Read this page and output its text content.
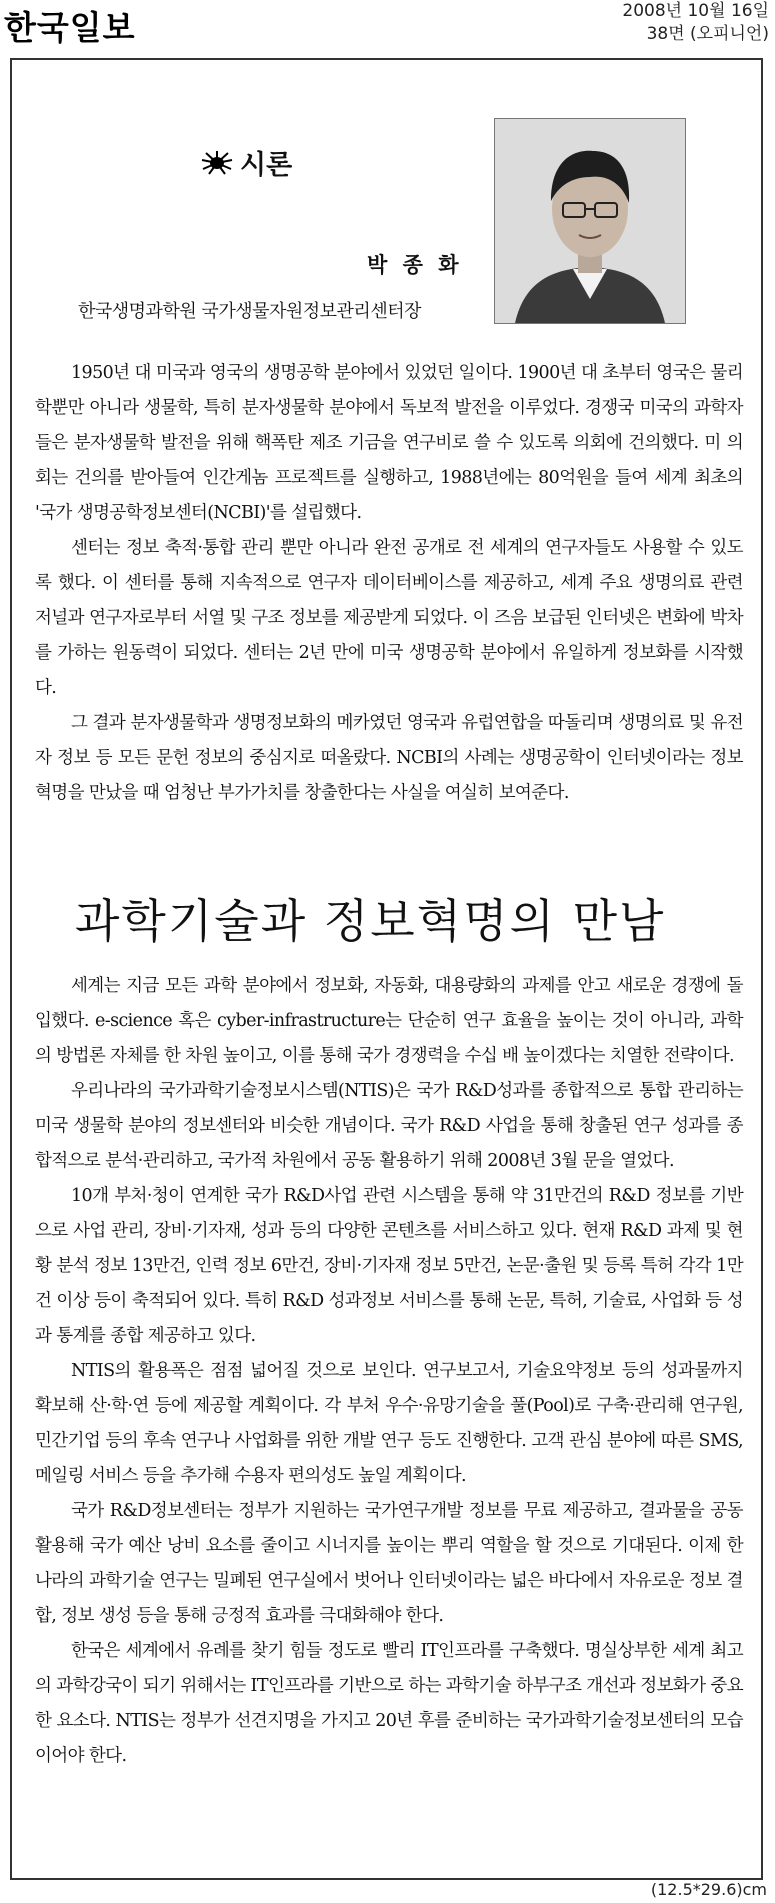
한국일보	2008년 10월 16일
38면 (오피니언)
시론
박 종 화
한국생명과학원 국가생물자원정보관리센터장

1950년 대 미국과 영국의 생명공학 분야에서 있었던 일이다. 1900년 대 초부터 영국은 물리학뿐만 아니라 생물학, 특히 분자생물학 분야에서 독보적 발전을 이루었다. 경쟁국 미국의 과학자들은 분자생물학 발전을 위해 핵폭탄 제조 기금을 연구비로 쓸 수 있도록 의회에 건의했다. 미 의회는 건의를 받아들여 인간게놈 프로젝트를 실행하고, 1988년에는 80억원을 들여 세계 최초의 '국가 생명공학정보센터(NCBI)'를 설립했다.

센터는 정보 축적·통합 관리 뿐만 아니라 완전 공개로 전 세계의 연구자들도 사용할 수 있도록 했다. 이 센터를 통해 지속적으로 연구자 데이터베이스를 제공하고, 세계 주요 생명의료 관련 저널과 연구자로부터 서열 및 구조 정보를 제공받게 되었다. 이 즈음 보급된 인터넷은 변화에 박차를 가하는 원동력이 되었다. 센터는 2년 만에 미국 생명공학 분야에서 유일하게 정보화를 시작했다.

그 결과 분자생물학과 생명정보화의 메카였던 영국과 유럽연합을 따돌리며 생명의료 및 유전자 정보 등 모든 문헌 정보의 중심지로 떠올랐다. NCBI의 사례는 생명공학이 인터넷이라는 정보혁명을 만났을 때 엄청난 부가가치를 창출한다는 사실을 여실히 보여준다.

과학기술과 정보혁명의 만남

세계는 지금 모든 과학 분야에서 정보화, 자동화, 대용량화의 과제를 안고 새로운 경쟁에 돌입했다. e-science 혹은 cyber-infrastructure는 단순히 연구 효율을 높이는 것이 아니라, 과학의 방법론 자체를 한 차원 높이고, 이를 통해 국가 경쟁력을 수십 배 높이겠다는 치열한 전략이다.

우리나라의 국가과학기술정보시스템(NTIS)은 국가 R&D성과를 종합적으로 통합 관리하는 미국 생물학 분야의 정보센터와 비슷한 개념이다. 국가 R&D 사업을 통해 창출된 연구 성과를 종합적으로 분석·관리하고, 국가적 차원에서 공동 활용하기 위해 2008년 3월 문을 열었다.

10개 부처·청이 연계한 국가 R&D사업 관련 시스템을 통해 약 31만건의 R&D 정보를 기반으로 사업 관리, 장비·기자재, 성과 등의 다양한 콘텐츠를 서비스하고 있다. 현재 R&D 과제 및 현황 분석 정보 13만건, 인력 정보 6만건, 장비·기자재 정보 5만건, 논문·출원 및 등록 특허 각각 1만건 이상 등이 축적되어 있다. 특히 R&D 성과정보 서비스를 통해 논문, 특허, 기술료, 사업화 등 성과 통계를 종합 제공하고 있다.

NTIS의 활용폭은 점점 넓어질 것으로 보인다. 연구보고서, 기술요약정보 등의 성과물까지 확보해 산·학·연 등에 제공할 계획이다. 각 부처 우수·유망기술을 풀(Pool)로 구축·관리해 연구원, 민간기업 등의 후속 연구나 사업화를 위한 개발 연구 등도 진행한다. 고객 관심 분야에 따른 SMS, 메일링 서비스 등을 추가해 수용자 편의성도 높일 계획이다.

국가 R&D정보센터는 정부가 지원하는 국가연구개발 정보를 무료 제공하고, 결과물을 공동 활용해 국가 예산 낭비 요소를 줄이고 시너지를 높이는 뿌리 역할을 할 것으로 기대된다. 이제 한 나라의 과학기술 연구는 밀폐된 연구실에서 벗어나 인터넷이라는 넓은 바다에서 자유로운 정보 결합, 정보 생성 등을 통해 긍정적 효과를 극대화해야 한다.

한국은 세계에서 유례를 찾기 힘들 정도로 빨리 IT인프라를 구축했다. 명실상부한 세계 최고의 과학강국이 되기 위해서는 IT인프라를 기반으로 하는 과학기술 하부구조 개선과 정보화가 중요한 요소다. NTIS는 정부가 선견지명을 가지고 20년 후를 준비하는 국가과학기술정보센터의 모습이어야 한다.

(12.5*29.6)cm
